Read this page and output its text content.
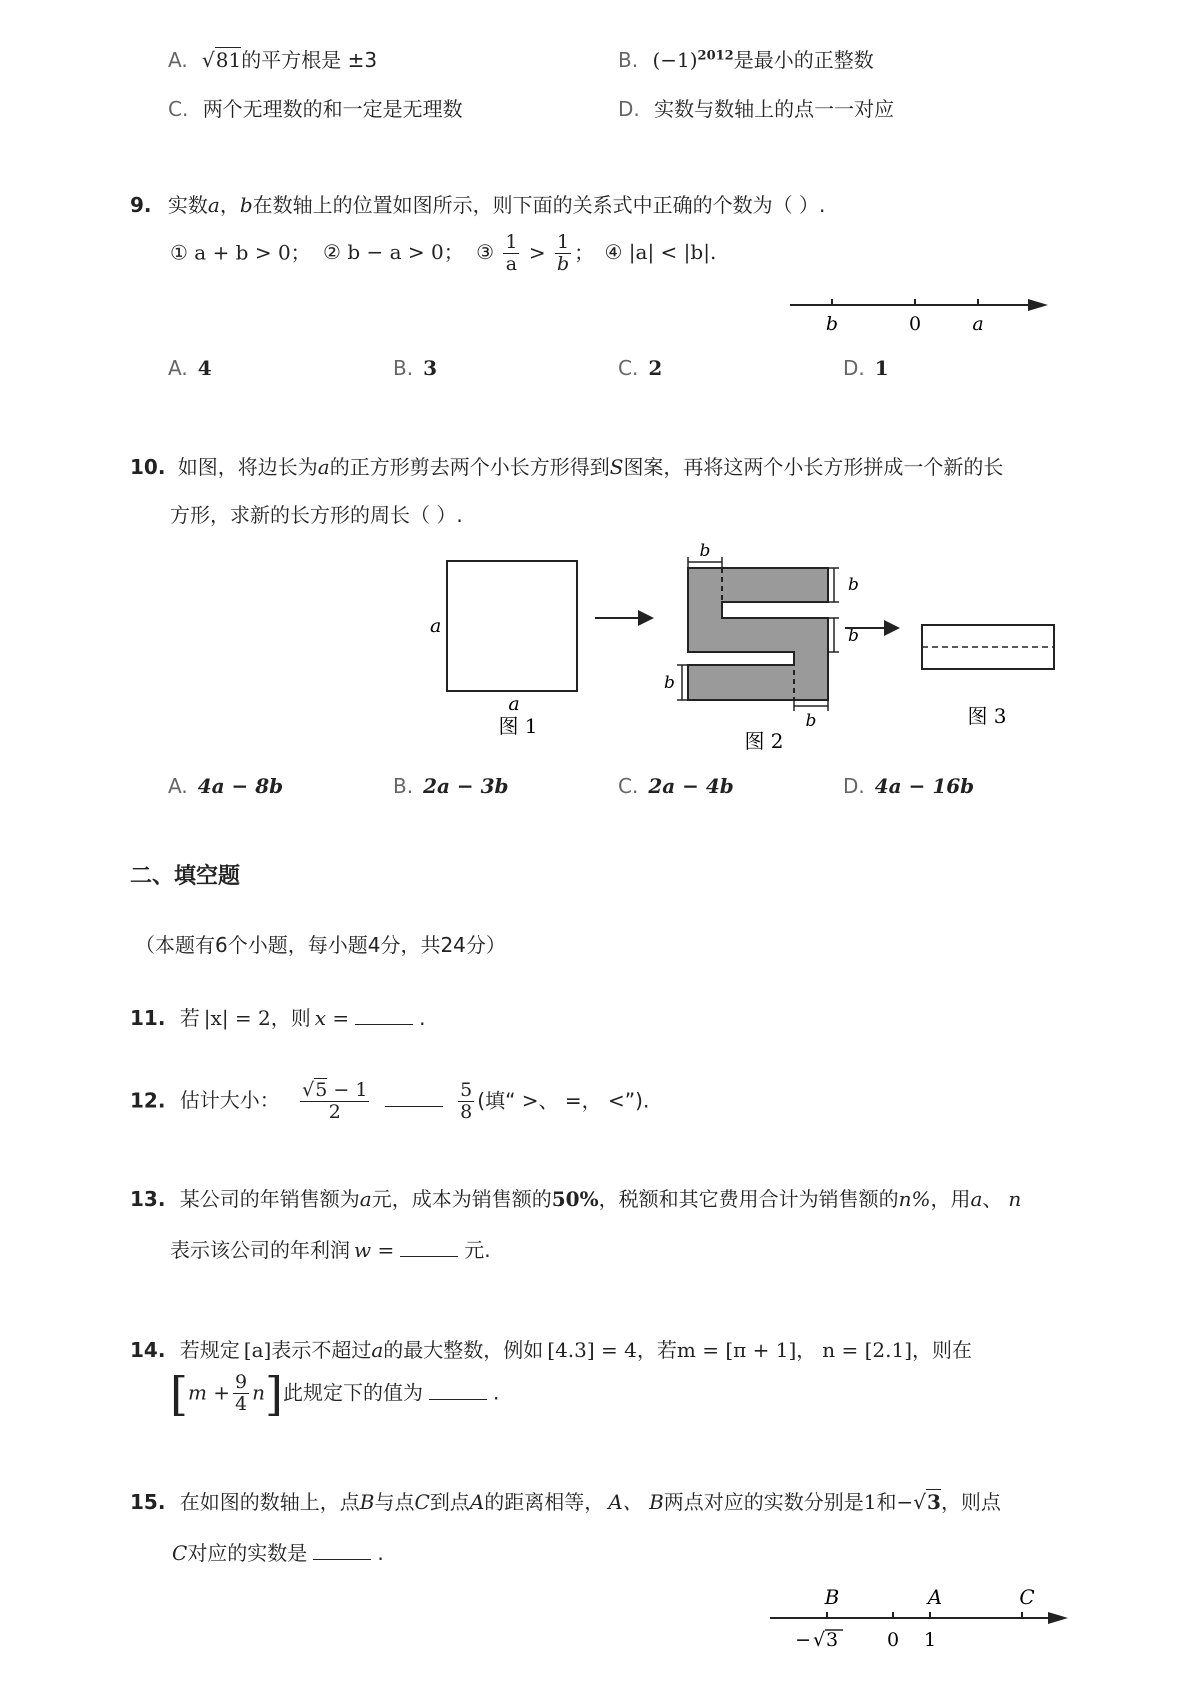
A. √81的平方根是 ±3	B. $(-1)^{2012}$是最小的正整数
C. 两个无理数的和一定是无理数	D. 实数与数轴上的点一一对应
9. 实数a，b在数轴上的位置如图所示，则下面的关系式中正确的个数为（ ）.
① a + b > 0； ② b − a > 0； ③ $\frac{1}{a} > \frac{1}{b}$ ； ④ |a| < |b|.
b	0	a
A. 4	B. 3	C. 2	D. 1
10. 如图，将边长为a的正方形剪去两个小长方形得到S图案，再将这两个小长方形拼成一个新的长
方形，求新的长方形的周长（ ）.
a
a
图 1
b
b
b
b
b
图 2
图 3
A. 4a − 8b	B. 2a − 3b	C. 2a − 4b	D. 4a − 16b
二、填空题
（本题有6个小题，每小题4分，共24分）
11. 若 |x| = 2，则 x =	.
12. 估计大小： $\frac{√5 - 1}{2}$
	$\frac{5}{8}$ (填“ >、 =， <”).
13. 某公司的年销售额为a元，成本为销售额的50%，税额和其它费用合计为销售额的n%，用a、 n
表示该公司的年利润 w =	元.
14. 若规定 [a]表示不超过a的最大整数，例如 [4.3] = 4，若m = [π + 1]， n = [2.1]，则在
$[m + \frac{9}{4} n]$此规定下的值为	.
15. 在如图的数轴上，点B与点C到点A的距离相等， A、 B两点对应的实数分别是1和−√3，则点
C对应的实数是	.
B	A	C
− √ 3	0 1
